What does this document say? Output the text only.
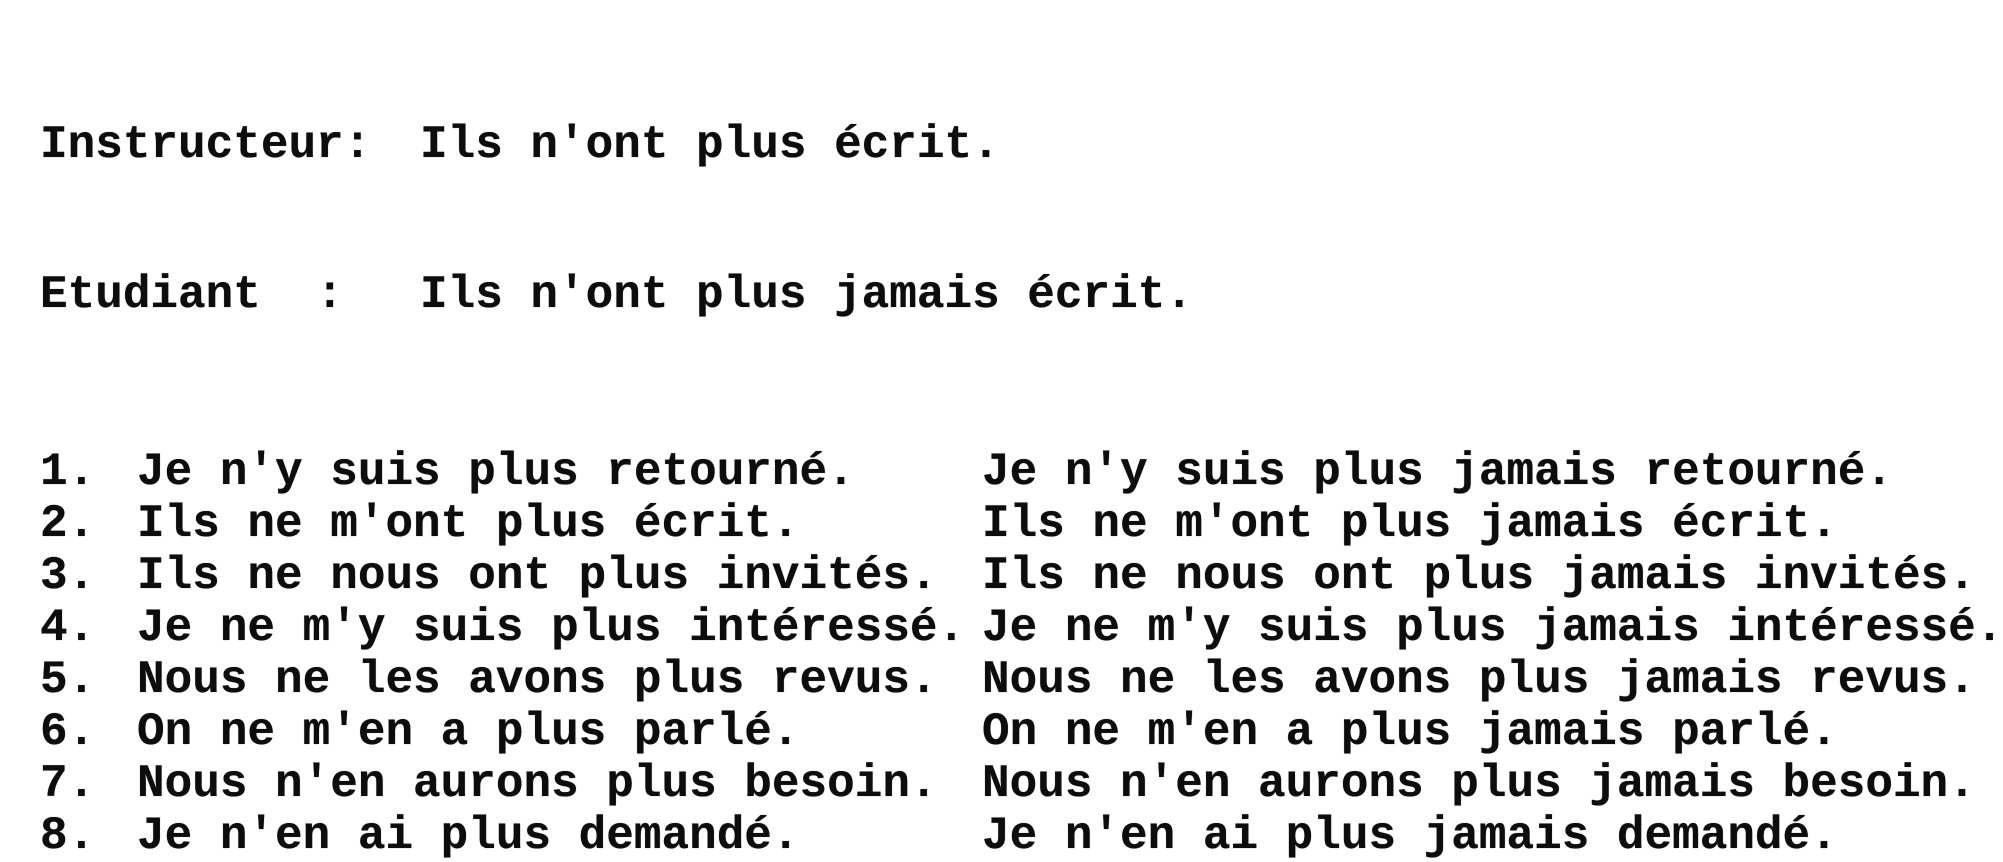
Instructeur:	Ils n'ont plus écrit.

Etudiant  :	Ils n'ont plus jamais écrit.

1. Je n'y suis plus retourné.	Je n'y suis plus jamais retourné.
2. Ils ne m'ont plus écrit.	Ils ne m'ont plus jamais écrit.
3. Ils ne nous ont plus invités. Ils ne nous ont plus jamais invités.
4. Je ne m'y suis plus intéressé. Je ne m'y suis plus jamais intéressé.
5. Nous ne les avons plus revus. Nous ne les avons plus jamais revus.
6. On ne m'en a plus parlé.	On ne m'en a plus jamais parlé.
7. Nous n'en aurons plus besoin. Nous n'en aurons plus jamais besoin.
8. Je n'en ai plus demandé.	Je n'en ai plus jamais demandé.
